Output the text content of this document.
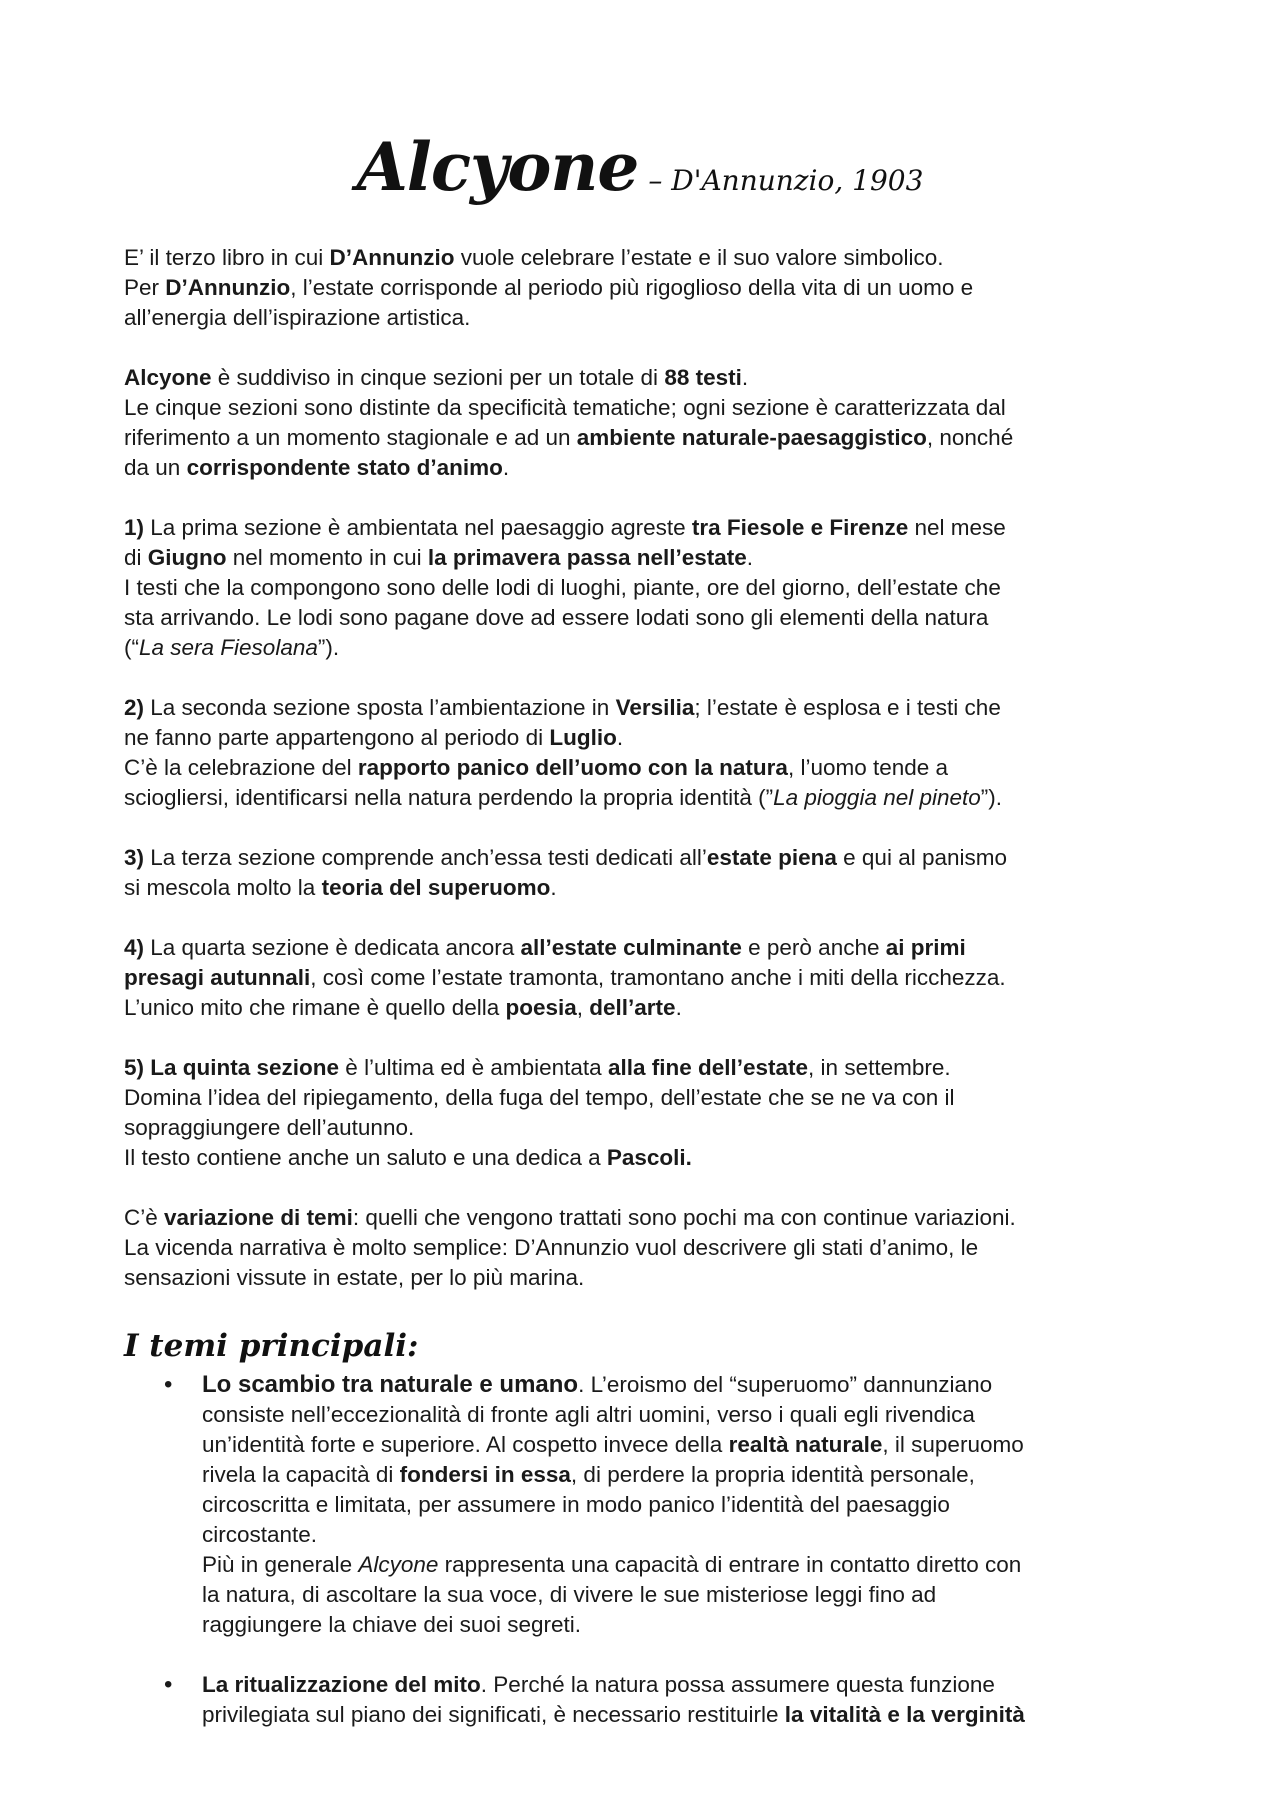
Alcyone – D'Annunzio, 1903

E’ il terzo libro in cui D’Annunzio vuole celebrare l’estate e il suo valore simbolico.
Per D’Annunzio, l’estate corrisponde al periodo più rigoglioso della vita di un uomo e
all’energia dell’ispirazione artistica.

Alcyone è suddiviso in cinque sezioni per un totale di 88 testi.
Le cinque sezioni sono distinte da specificità tematiche; ogni sezione è caratterizzata dal
riferimento a un momento stagionale e ad un ambiente naturale-paesaggistico, nonché
da un corrispondente stato d’animo.

1) La prima sezione è ambientata nel paesaggio agreste tra Fiesole e Firenze nel mese
di Giugno nel momento in cui la primavera passa nell’estate.
I testi che la compongono sono delle lodi di luoghi, piante, ore del giorno, dell’estate che
sta arrivando. Le lodi sono pagane dove ad essere lodati sono gli elementi della natura
(“La sera Fiesolana”).

2) La seconda sezione sposta l’ambientazione in Versilia; l’estate è esplosa e i testi che
ne fanno parte appartengono al periodo di Luglio.
C’è la celebrazione del rapporto panico dell’uomo con la natura, l’uomo tende a
sciogliersi, identificarsi nella natura perdendo la propria identità (”La pioggia nel pineto”).

3) La terza sezione comprende anch’essa testi dedicati all’estate piena e qui al panismo
si mescola molto la teoria del superuomo.

4) La quarta sezione è dedicata ancora all’estate culminante e però anche ai primi
presagi autunnali, così come l’estate tramonta, tramontano anche i miti della ricchezza.
L’unico mito che rimane è quello della poesia, dell’arte.

5) La quinta sezione è l’ultima ed è ambientata alla fine dell’estate, in settembre.
Domina l’idea del ripiegamento, della fuga del tempo, dell’estate che se ne va con il
sopraggiungere dell’autunno.
Il testo contiene anche un saluto e una dedica a Pascoli.

C’è variazione di temi: quelli che vengono trattati sono pochi ma con continue variazioni.
La vicenda narrativa è molto semplice: D’Annunzio vuol descrivere gli stati d’animo, le
sensazioni vissute in estate, per lo più marina.

I temi principali:
• Lo scambio tra naturale e umano. L’eroismo del “superuomo” dannunziano
consiste nell’eccezionalità di fronte agli altri uomini, verso i quali egli rivendica
un’identità forte e superiore. Al cospetto invece della realtà naturale, il superuomo
rivela la capacità di fondersi in essa, di perdere la propria identità personale,
circoscritta e limitata, per assumere in modo panico l’identità del paesaggio
circostante.
Più in generale Alcyone rappresenta una capacità di entrare in contatto diretto con
la natura, di ascoltare la sua voce, di vivere le sue misteriose leggi fino ad
raggiungere la chiave dei suoi segreti.
• La ritualizzazione del mito. Perché la natura possa assumere questa funzione
privilegiata sul piano dei significati, è necessario restituirle la vitalità e la verginità
